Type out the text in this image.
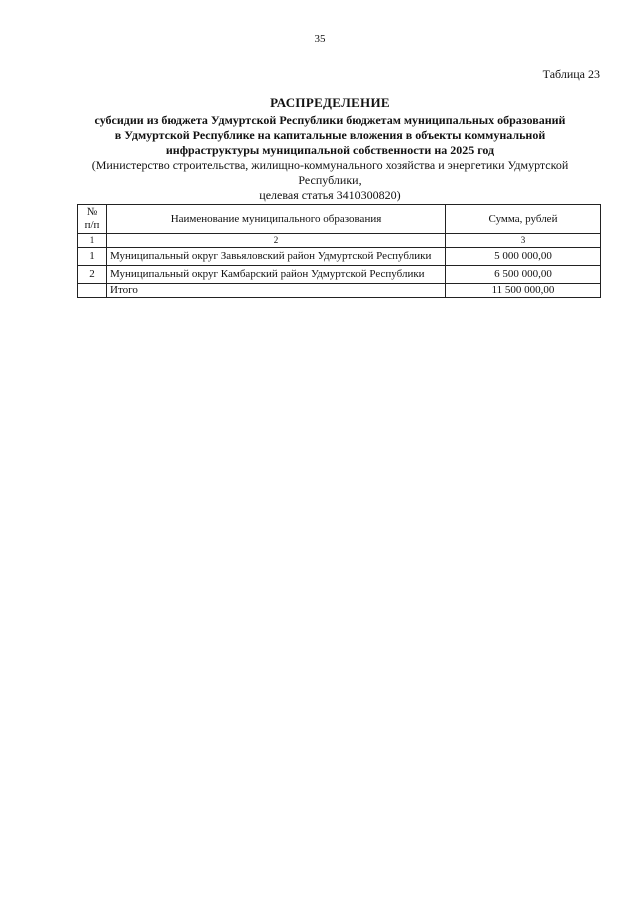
35
Таблица 23
РАСПРЕДЕЛЕНИЕ
субсидии из бюджета Удмуртской Республики бюджетам муниципальных образований
в Удмуртской Республике на капитальные вложения в объекты коммунальной
инфраструктуры муниципальной собственности на 2025 год
(Министерство строительства, жилищно-коммунального хозяйства и энергетики Удмуртской Республики,
целевая статья 3410300820)
№ п/п	Наименование муниципального образования	Сумма, рублей
1	2	3
1	Муниципальный округ Завьяловский район Удмуртской Республики	5 000 000,00
2	Муниципальный округ Камбарский район Удмуртской Республики	6 500 000,00
	Итого	11 500 000,00
